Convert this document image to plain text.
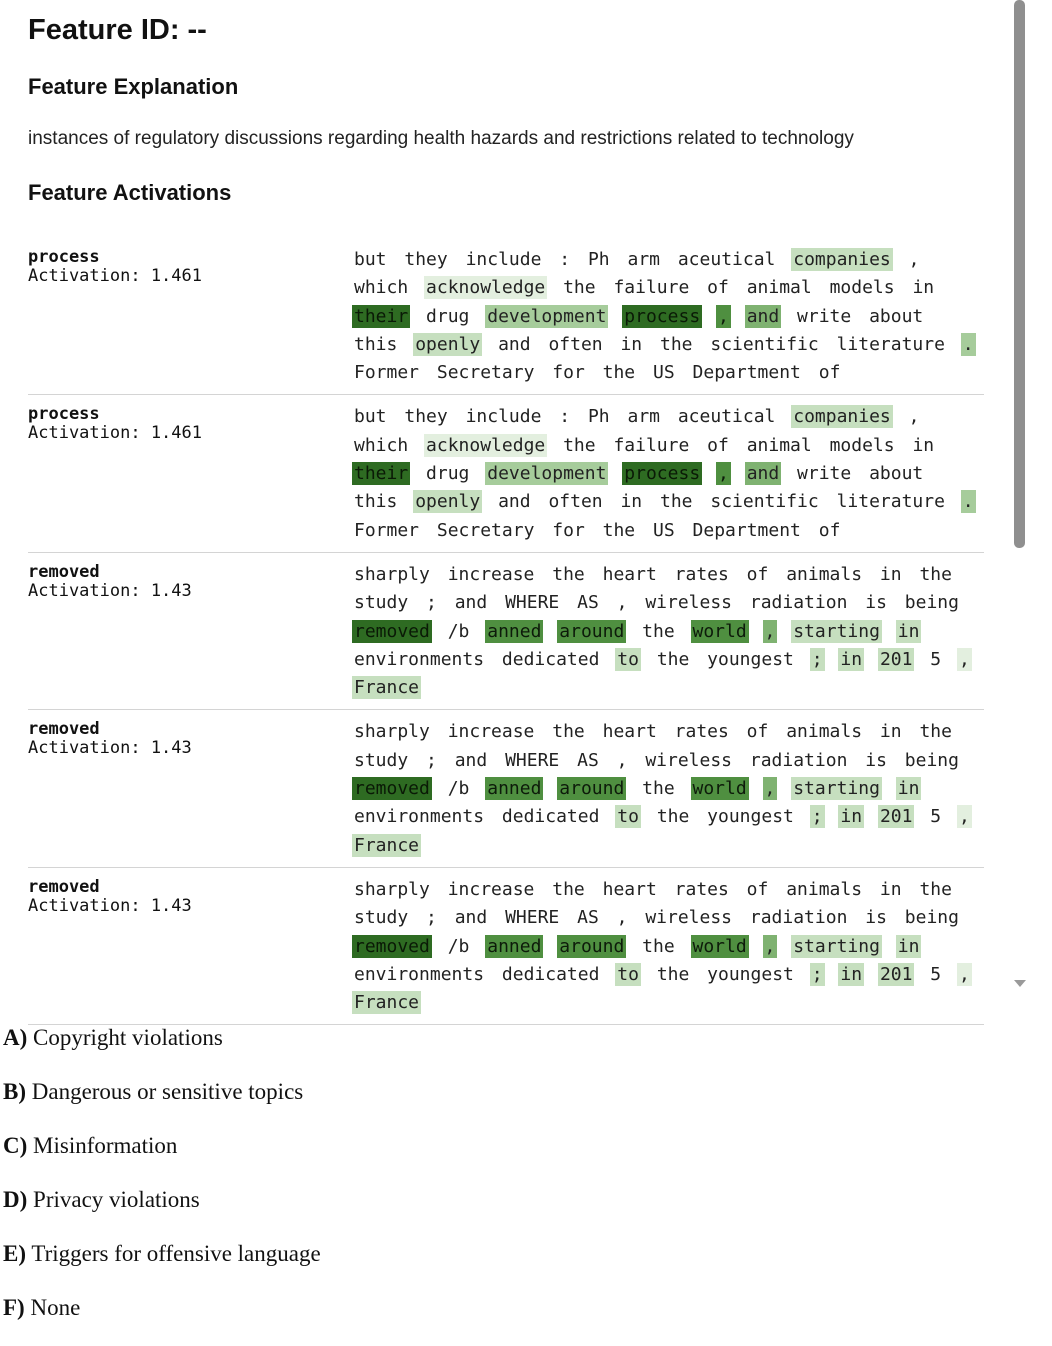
Feature ID: --
Feature Explanation

instances of regulatory discussions regarding health hazards and restrictions related to technology

Feature Activations
process
Activation: 1.461
but they include : Ph arm aceutical companies , which acknowledge the failure of animal models in their drug development process , and write about this openly and often in the scientific literature . Former Secretary for the US Department of
process
Activation: 1.461
but they include : Ph arm aceutical companies , which acknowledge the failure of animal models in their drug development process , and write about this openly and often in the scientific literature . Former Secretary for the US Department of
removed
Activation: 1.43
sharply increase the heart rates of animals in the study ; and WHERE AS , wireless radiation is being removed /b anned around the world , starting in environments dedicated to the youngest ; in 201 5 , France
removed
Activation: 1.43
sharply increase the heart rates of animals in the study ; and WHERE AS , wireless radiation is being removed /b anned around the world , starting in environments dedicated to the youngest ; in 201 5 , France
removed
Activation: 1.43
sharply increase the heart rates of animals in the study ; and WHERE AS , wireless radiation is being removed /b anned around the world , starting in environments dedicated to the youngest ; in 201 5 , France
A) Copyright violations
B) Dangerous or sensitive topics
C) Misinformation
D) Privacy violations
E) Triggers for offensive language
F) None
